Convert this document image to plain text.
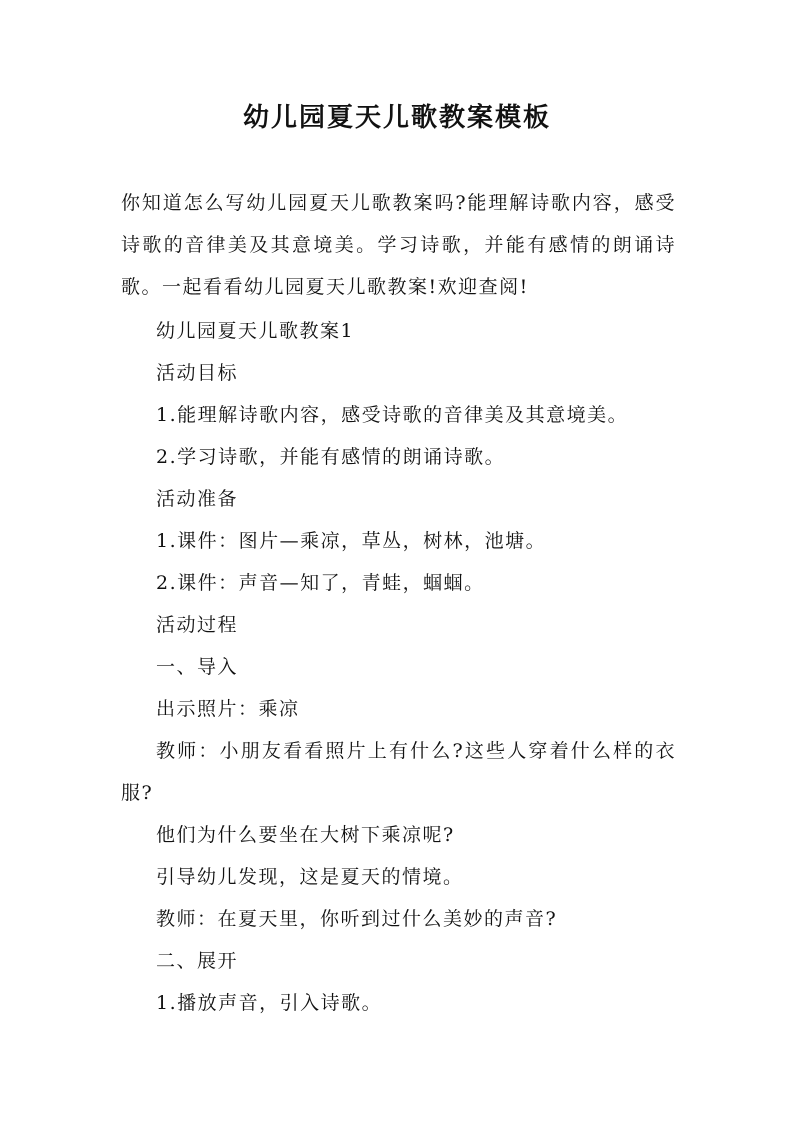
幼儿园夏天儿歌教案模板

你知道怎么写幼儿园夏天儿歌教案吗?能理解诗歌内容，感受诗歌的音律美及其意境美。学习诗歌，并能有感情的朗诵诗歌。一起看看幼儿园夏天儿歌教案!欢迎查阅!

幼儿园夏天儿歌教案1

活动目标

1.能理解诗歌内容，感受诗歌的音律美及其意境美。

2.学习诗歌，并能有感情的朗诵诗歌。

活动准备

1.课件：图片—乘凉，草丛，树林，池塘。

2.课件：声音—知了，青蛙，蝈蝈。

活动过程

一、导入

出示照片：乘凉

教师：小朋友看看照片上有什么?这些人穿着什么样的衣服?

他们为什么要坐在大树下乘凉呢?

引导幼儿发现，这是夏天的情境。

教师：在夏天里，你听到过什么美妙的声音?

二、展开

1.播放声音，引入诗歌。
